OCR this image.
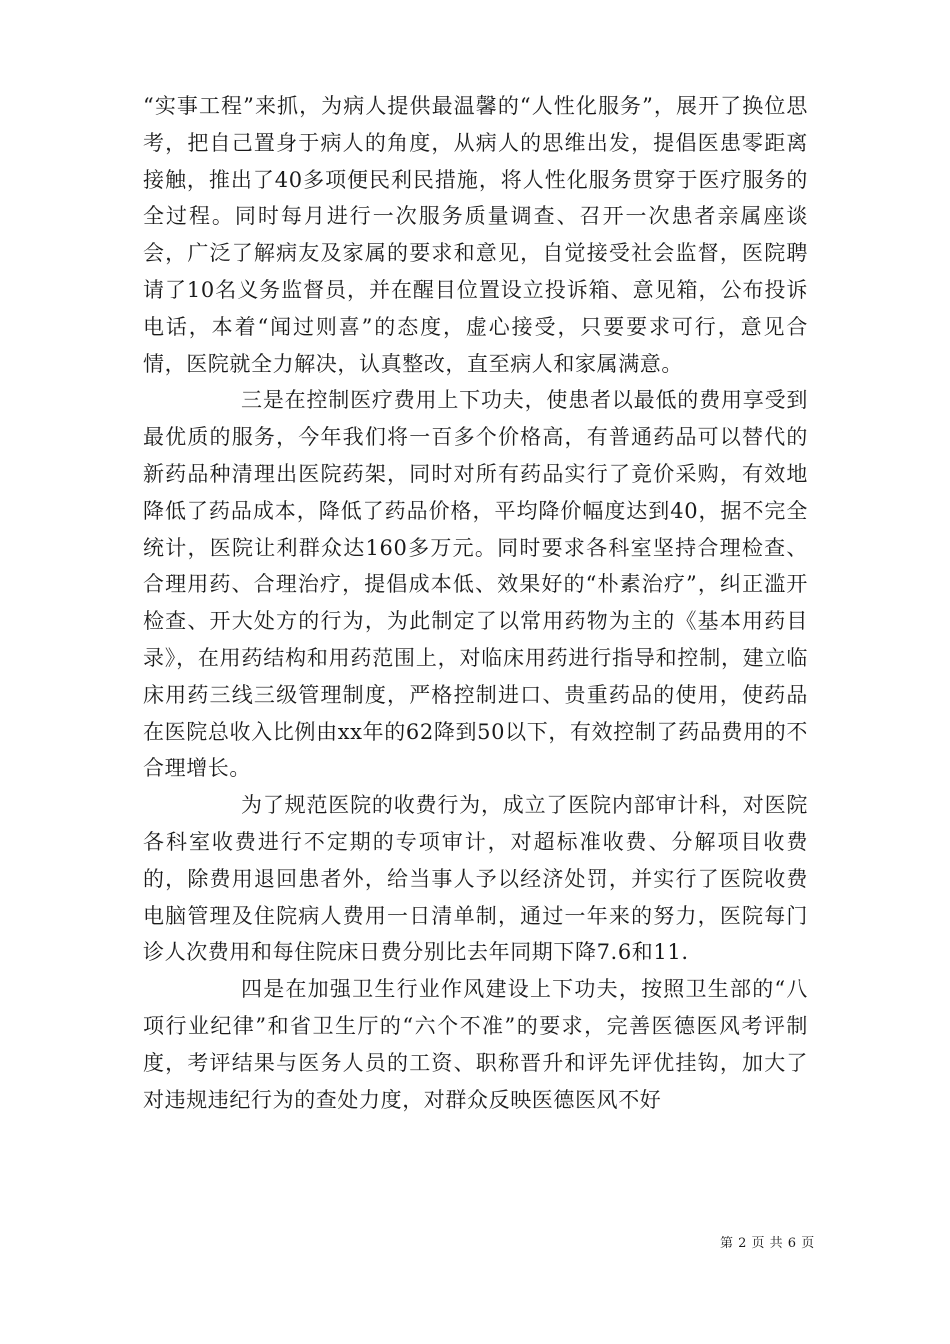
“实事工程”来抓，为病人提供最温馨的“人性化服务”，展开了换位思考，把自己置身于病人的角度，从病人的思维出发，提倡医患零距离接触，推出了40多项便民利民措施，将人性化服务贯穿于医疗服务的全过程。同时每月进行一次服务质量调查、召开一次患者亲属座谈会，广泛了解病友及家属的要求和意见，自觉接受社会监督，医院聘请了10名义务监督员，并在醒目位置设立投诉箱、意见箱，公布投诉电话，本着“闻过则喜”的态度，虚心接受，只要要求可行，意见合情，医院就全力解决，认真整改，直至病人和家属满意。

三是在控制医疗费用上下功夫，使患者以最低的费用享受到最优质的服务，今年我们将一百多个价格高，有普通药品可以替代的新药品种清理出医院药架，同时对所有药品实行了竟价采购，有效地降低了药品成本，降低了药品价格，平均降价幅度达到40，据不完全统计，医院让利群众达160多万元。同时要求各科室坚持合理检查、合理用药、合理治疗，提倡成本低、效果好的“朴素治疗”，纠正滥开检查、开大处方的行为，为此制定了以常用药物为主的《基本用药目录》，在用药结构和用药范围上，对临床用药进行指导和控制，建立临床用药三线三级管理制度，严格控制进口、贵重药品的使用，使药品在医院总收入比例由xx年的62降到50以下，有效控制了药品费用的不合理增长。

为了规范医院的收费行为，成立了医院内部审计科，对医院各科室收费进行不定期的专项审计，对超标准收费、分解项目收费的，除费用退回患者外，给当事人予以经济处罚，并实行了医院收费电脑管理及住院病人费用一日清单制，通过一年来的努力，医院每门诊人次费用和每住院床日费分别比去年同期下降7.6和11.

四是在加强卫生行业作风建设上下功夫，按照卫生部的“八项行业纪律”和省卫生厅的“六个不准”的要求，完善医德医风考评制度，考评结果与医务人员的工资、职称晋升和评先评优挂钩，加大了对违规违纪行为的查处力度，对群众反映医德医风不好

第 2 页 共 6 页
